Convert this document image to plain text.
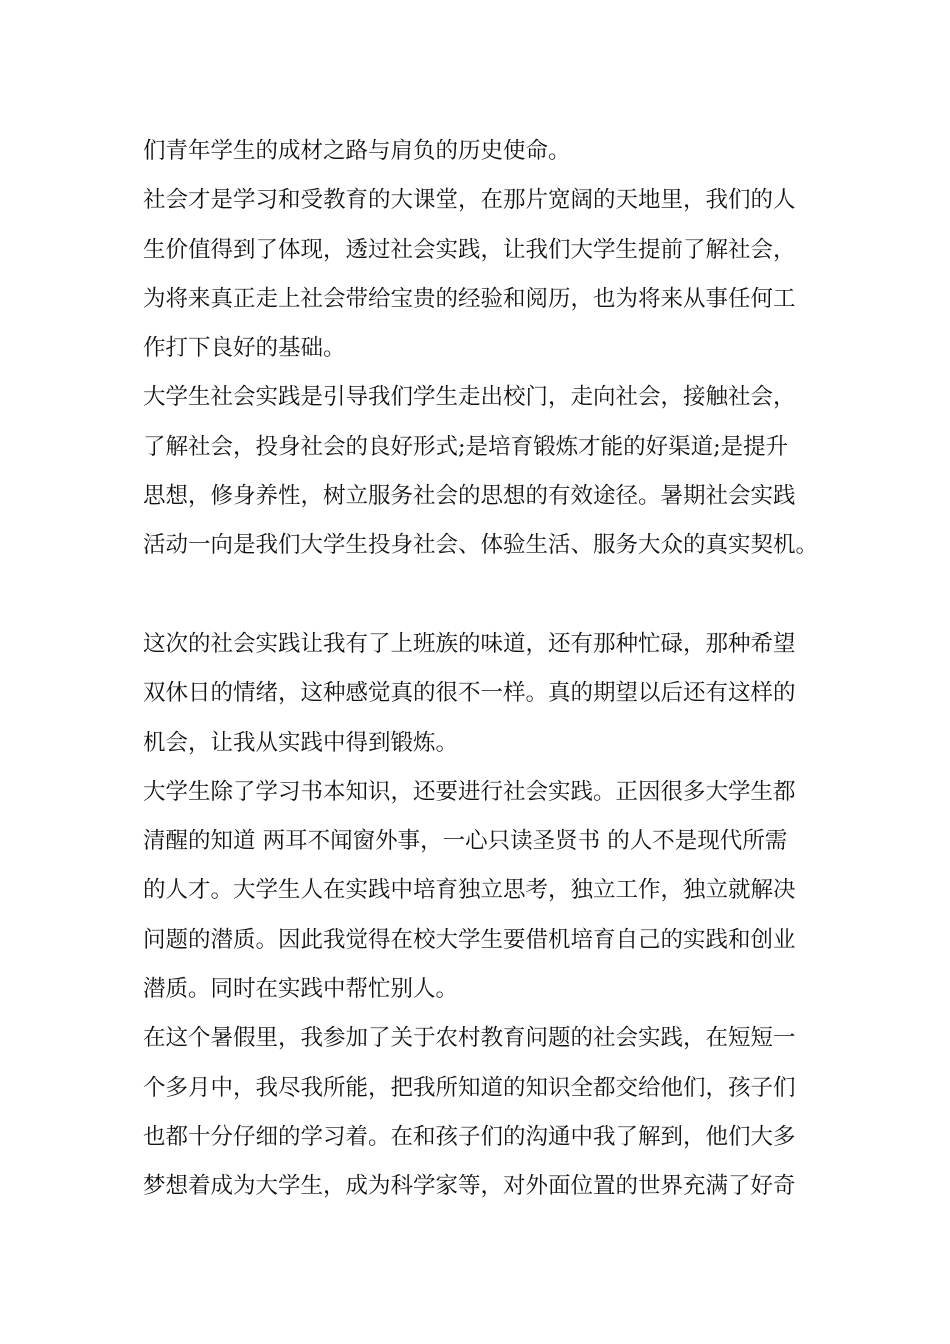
们青年学生的成材之路与肩负的历史使命。
社会才是学习和受教育的大课堂，在那片宽阔的天地里，我们的人
生价值得到了体现，透过社会实践，让我们大学生提前了解社会，
为将来真正走上社会带给宝贵的经验和阅历，也为将来从事任何工
作打下良好的基础。
大学生社会实践是引导我们学生走出校门，走向社会，接触社会，
了解社会，投身社会的良好形式;是培育锻炼才能的好渠道;是提升
思想，修身养性，树立服务社会的思想的有效途径。暑期社会实践
活动一向是我们大学生投身社会、体验生活、服务大众的真实契机。
这次的社会实践让我有了上班族的味道，还有那种忙碌，那种希望
双休日的情绪，这种感觉真的很不一样。真的期望以后还有这样的
机会，让我从实践中得到锻炼。
大学生除了学习书本知识，还要进行社会实践。正因很多大学生都
清醒的知道 两耳不闻窗外事，一心只读圣贤书 的人不是现代所需
的人才。大学生人在实践中培育独立思考，独立工作，独立就解决
问题的潜质。因此我觉得在校大学生要借机培育自己的实践和创业
潜质。同时在实践中帮忙别人。
在这个暑假里，我参加了关于农村教育问题的社会实践，在短短一
个多月中，我尽我所能，把我所知道的知识全都交给他们，孩子们
也都十分仔细的学习着。在和孩子们的沟通中我了解到，他们大多
梦想着成为大学生，成为科学家等，对外面位置的世界充满了好奇
